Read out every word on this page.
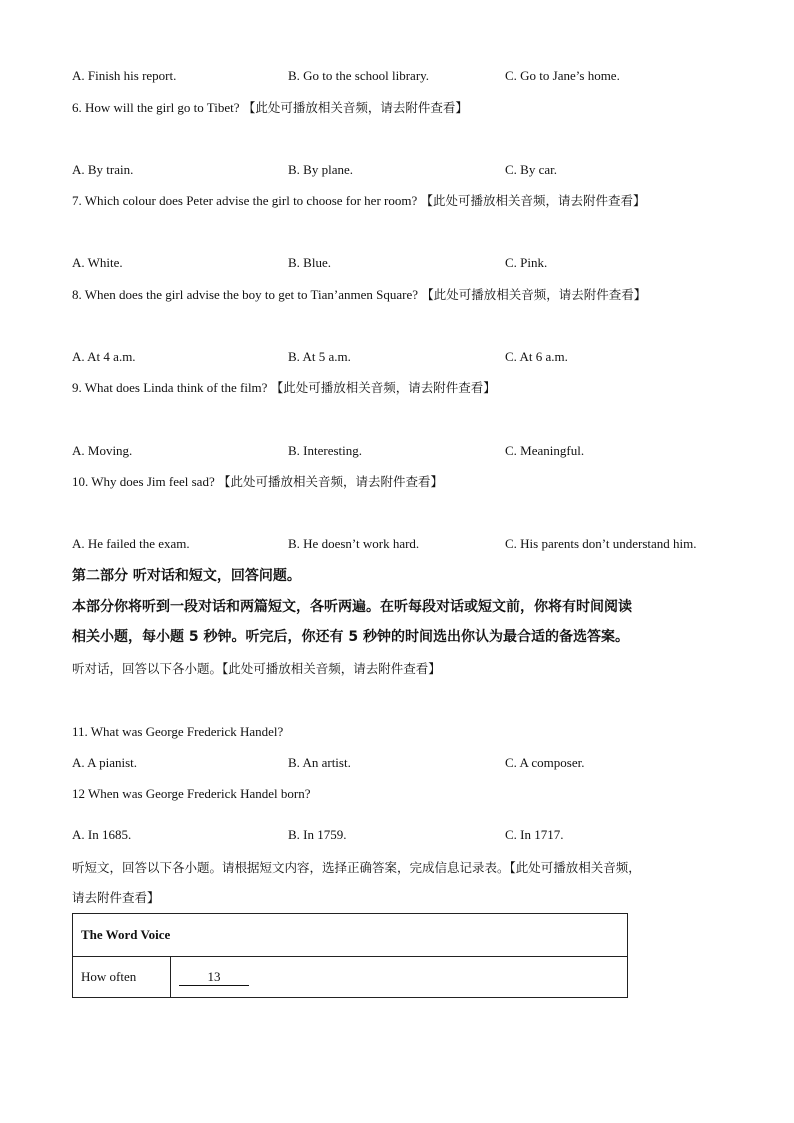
A. Finish his report.	B. Go to the school library.	C. Go to Jane’s home.
6. How will the girl go to Tibet? 【此处可播放相关音频，请去附件查看】
A. By train.	B. By plane.	C. By car.
7. Which colour does Peter advise the girl to choose for her room? 【此处可播放相关音频，请去附件查看】
A. White.	B. Blue.	C. Pink.
8. When does the girl advise the boy to get to Tian’anmen Square? 【此处可播放相关音频，请去附件查看】
A. At 4 a.m.	B. At 5 a.m.	C. At 6 a.m.
9. What does Linda think of the film? 【此处可播放相关音频，请去附件查看】
A. Moving.	B. Interesting.	C. Meaningful.
10. Why does Jim feel sad? 【此处可播放相关音频，请去附件查看】
A. He failed the exam.	B. He doesn’t work hard.	C. His parents don’t understand him.
第二部分 听对话和短文，回答问题。
本部分你将听到一段对话和两篇短文，各听两遍。在听每段对话或短文前，你将有时间阅读
相关小题，每小题 5 秒钟。听完后，你还有 5 秒钟的时间选出你认为最合适的备选答案。
听对话，回答以下各小题。【此处可播放相关音频，请去附件查看】
11. What was George Frederick Handel?
A. A pianist.	B. An artist.	C. A composer.
12 When was George Frederick Handel born?
A. In 1685.	B. In 1759.	C. In 1717.
听短文，回答以下各小题。请根据短文内容，选择正确答案，完成信息记录表。【此处可播放相关音频，
请去附件查看】
The Word Voice
How often	13
